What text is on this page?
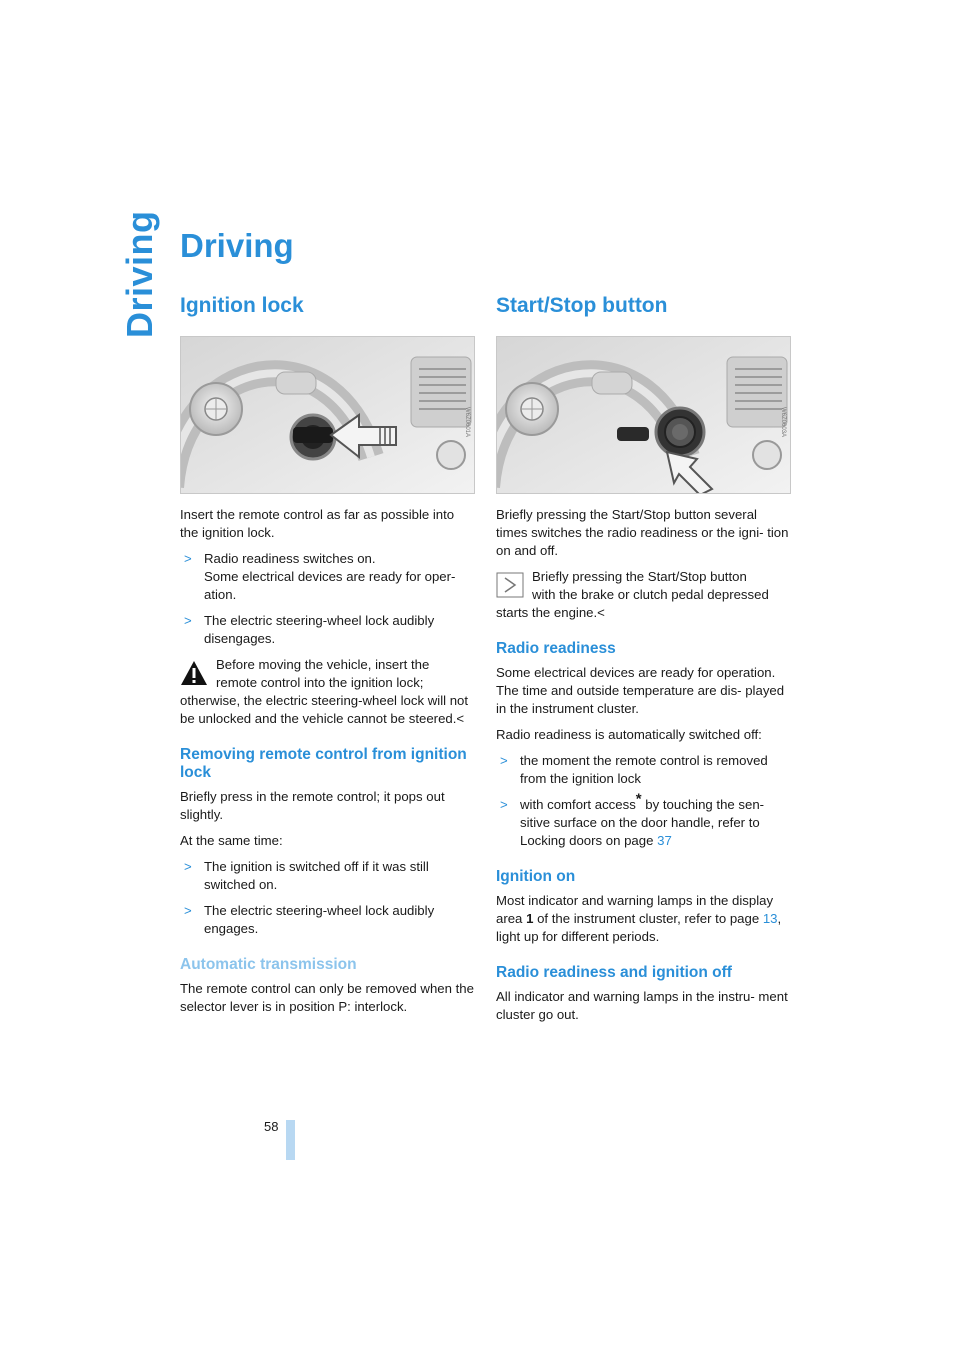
Driving Driving
Ignition lock
W6Z0601A

Insert the remote control as far as possible into the ignition lock.

> Radio readiness switches on.
Some electrical devices are ready for oper-
ation.
> The electric steering-wheel lock audibly
disengages.
Before moving the vehicle, insert the
remote control into the ignition lock;
otherwise, the electric steering-wheel lock will not be unlocked and the vehicle cannot be steered.<
Removing remote control from ignition lock

Briefly press in the remote control; it pops out slightly.

At the same time:

> The ignition is switched off if it was still
switched on.
> The electric steering-wheel lock audibly
engages.
Automatic transmission

The remote control can only be removed when the selector lever is in position P: interlock.

Start/Stop button
W6Z0603A

Briefly pressing the Start/Stop button several times switches the radio readiness or the igni- tion on and off.

Briefly pressing the Start/Stop button
with the brake or clutch pedal depressed
starts the engine.<
Radio readiness

Some electrical devices are ready for operation. The time and outside temperature are dis- played in the instrument cluster.

Radio readiness is automatically switched off:

> the moment the remote control is removed
from the ignition lock
> with comfort access* by touching the sen-
sitive surface on the door handle, refer to
Locking doors on page 37
Ignition on

Most indicator and warning lamps in the display area 1 of the instrument cluster, refer to page 13, light up for different periods.

Radio readiness and ignition off

All indicator and warning lamps in the instru- ment cluster go out.

58
